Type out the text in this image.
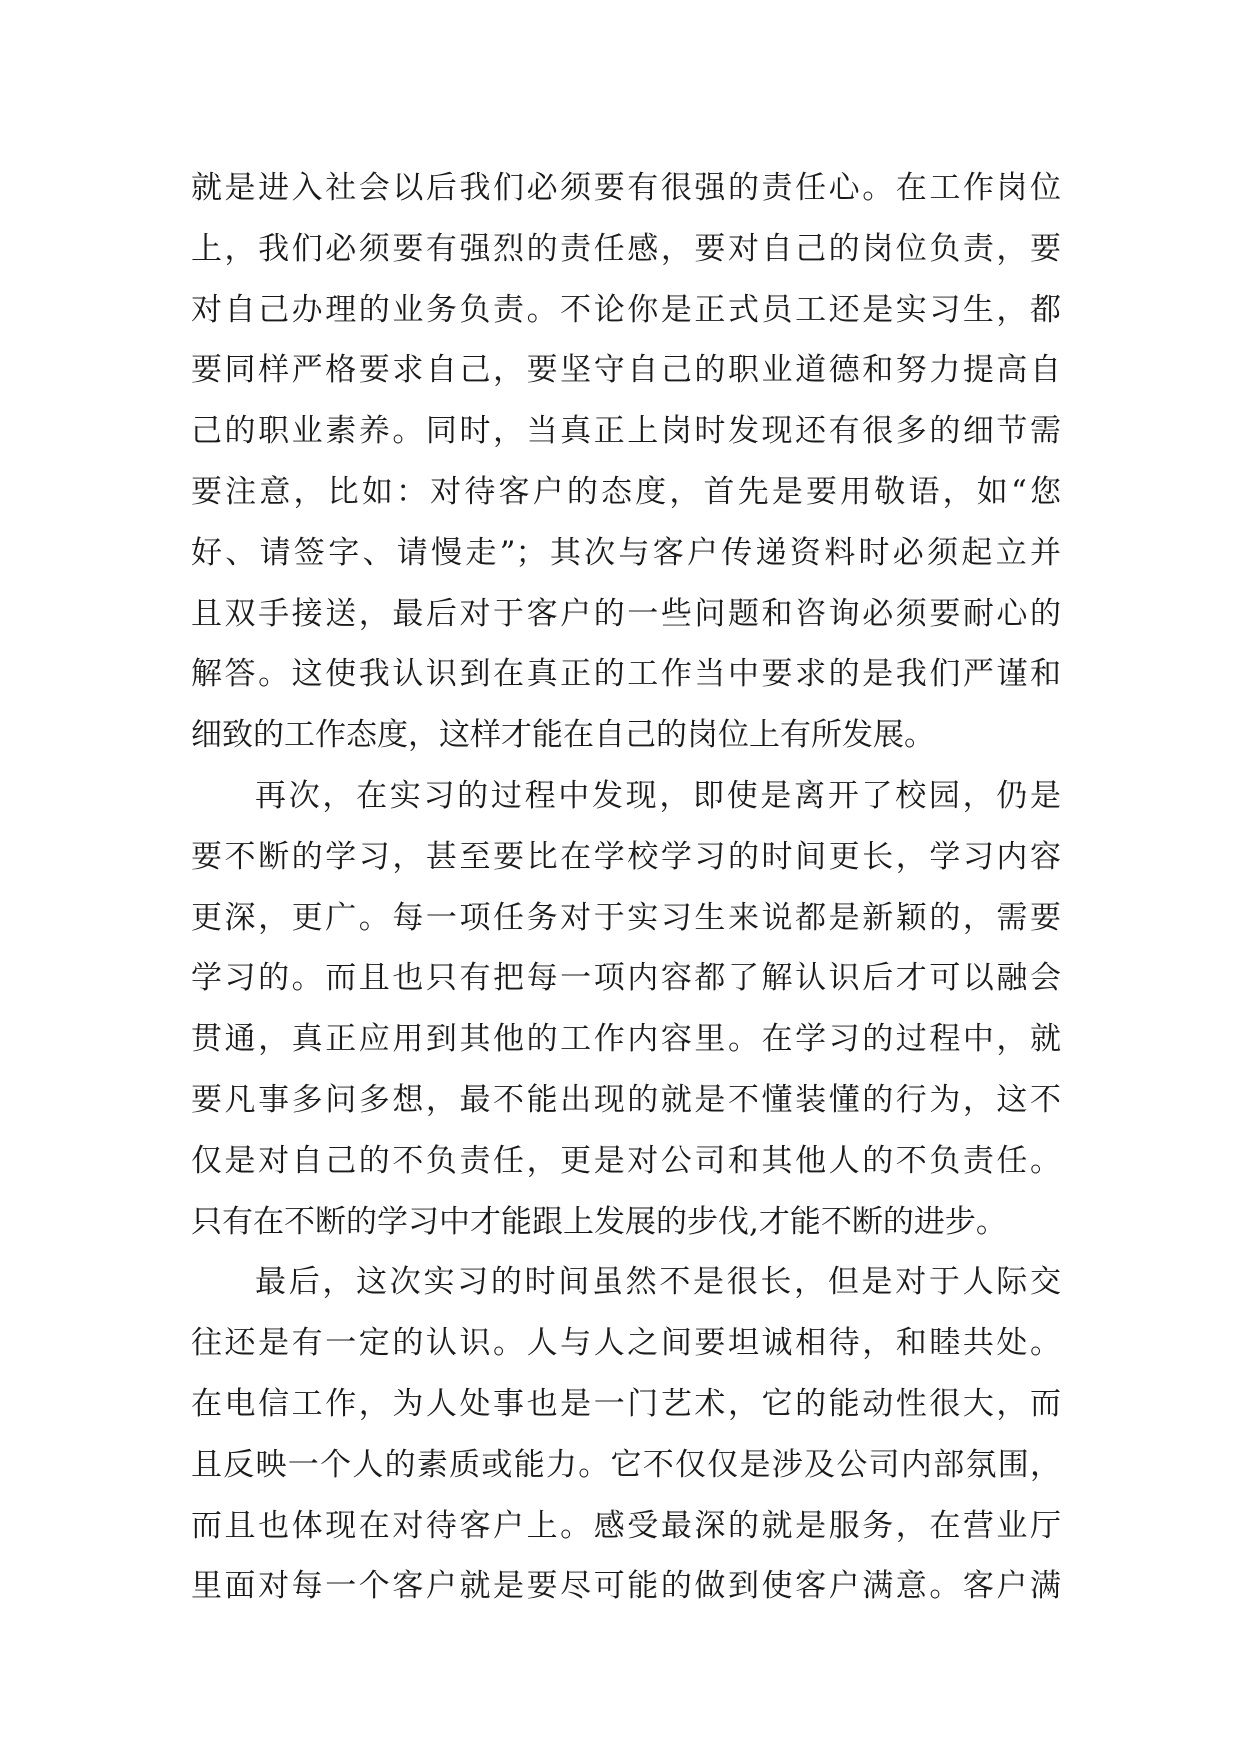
就是进入社会以后我们必须要有很强的责任心。在工作岗位
上，我们必须要有强烈的责任感，要对自己的岗位负责，要
对自己办理的业务负责。不论你是正式员工还是实习生，都
要同样严格要求自己，要坚守自己的职业道德和努力提高自
己的职业素养。同时，当真正上岗时发现还有很多的细节需
要注意，比如：对待客户的态度，首先是要用敬语，如“您
好、请签字、请慢走”；其次与客户传递资料时必须起立并
且双手接送，最后对于客户的一些问题和咨询必须要耐心的
解答。这使我认识到在真正的工作当中要求的是我们严谨和
细致的工作态度，这样才能在自己的岗位上有所发展。
再次，在实习的过程中发现，即使是离开了校园，仍是
要不断的学习，甚至要比在学校学习的时间更长，学习内容
更深，更广。每一项任务对于实习生来说都是新颖的，需要
学习的。而且也只有把每一项内容都了解认识后才可以融会
贯通，真正应用到其他的工作内容里。在学习的过程中，就
要凡事多问多想，最不能出现的就是不懂装懂的行为，这不
仅是对自己的不负责任，更是对公司和其他人的不负责任。
只有在不断的学习中才能跟上发展的步伐,才能不断的进步。
最后，这次实习的时间虽然不是很长，但是对于人际交
往还是有一定的认识。人与人之间要坦诚相待，和睦共处。
在电信工作，为人处事也是一门艺术，它的能动性很大，而
且反映一个人的素质或能力。它不仅仅是涉及公司内部氛围，
而且也体现在对待客户上。感受最深的就是服务，在营业厅
里面对每一个客户就是要尽可能的做到使客户满意。客户满
